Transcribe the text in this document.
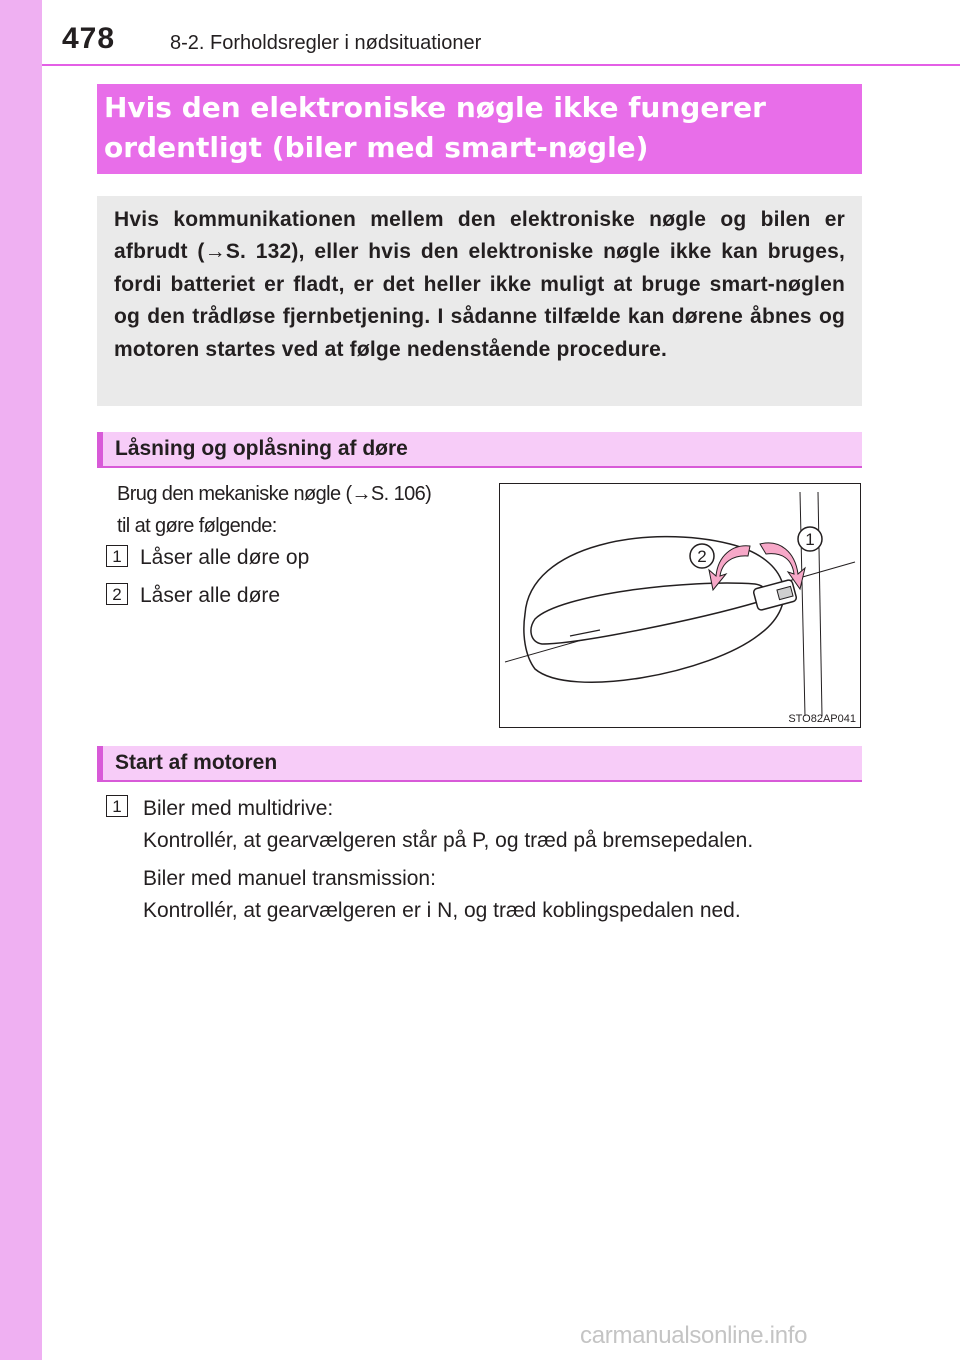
478	8-2. Forholdsregler i nødsituationer
Hvis den elektroniske nøgle ikke fungerer
ordentligt (biler med smart-nøgle)
Hvis kommunikationen mellem den elektroniske nøgle og bilen er afbrudt (→S. 132), eller hvis den elektroniske nøgle ikke kan bruges, fordi batteriet er fladt, er det heller ikke muligt at bruge smart-nøglen og den trådløse fjernbetjening. I sådanne tilfælde kan dørene åbnes og motoren startes ved at følge nedenstående procedure.
Låsning og oplåsning af døre
Brug den mekaniske nøgle (→S. 106)
til at gøre følgende:
1 Låser alle døre op
2 Låser alle døre
1
2
STO82AP041
Start af motoren
1 Biler med multidrive:
Kontrollér, at gearvælgeren står på P, og træd på bremsepedalen.
Biler med manuel transmission:
Kontrollér, at gearvælgeren er i N, og træd koblingspedalen ned.
carmanualsonline.info
